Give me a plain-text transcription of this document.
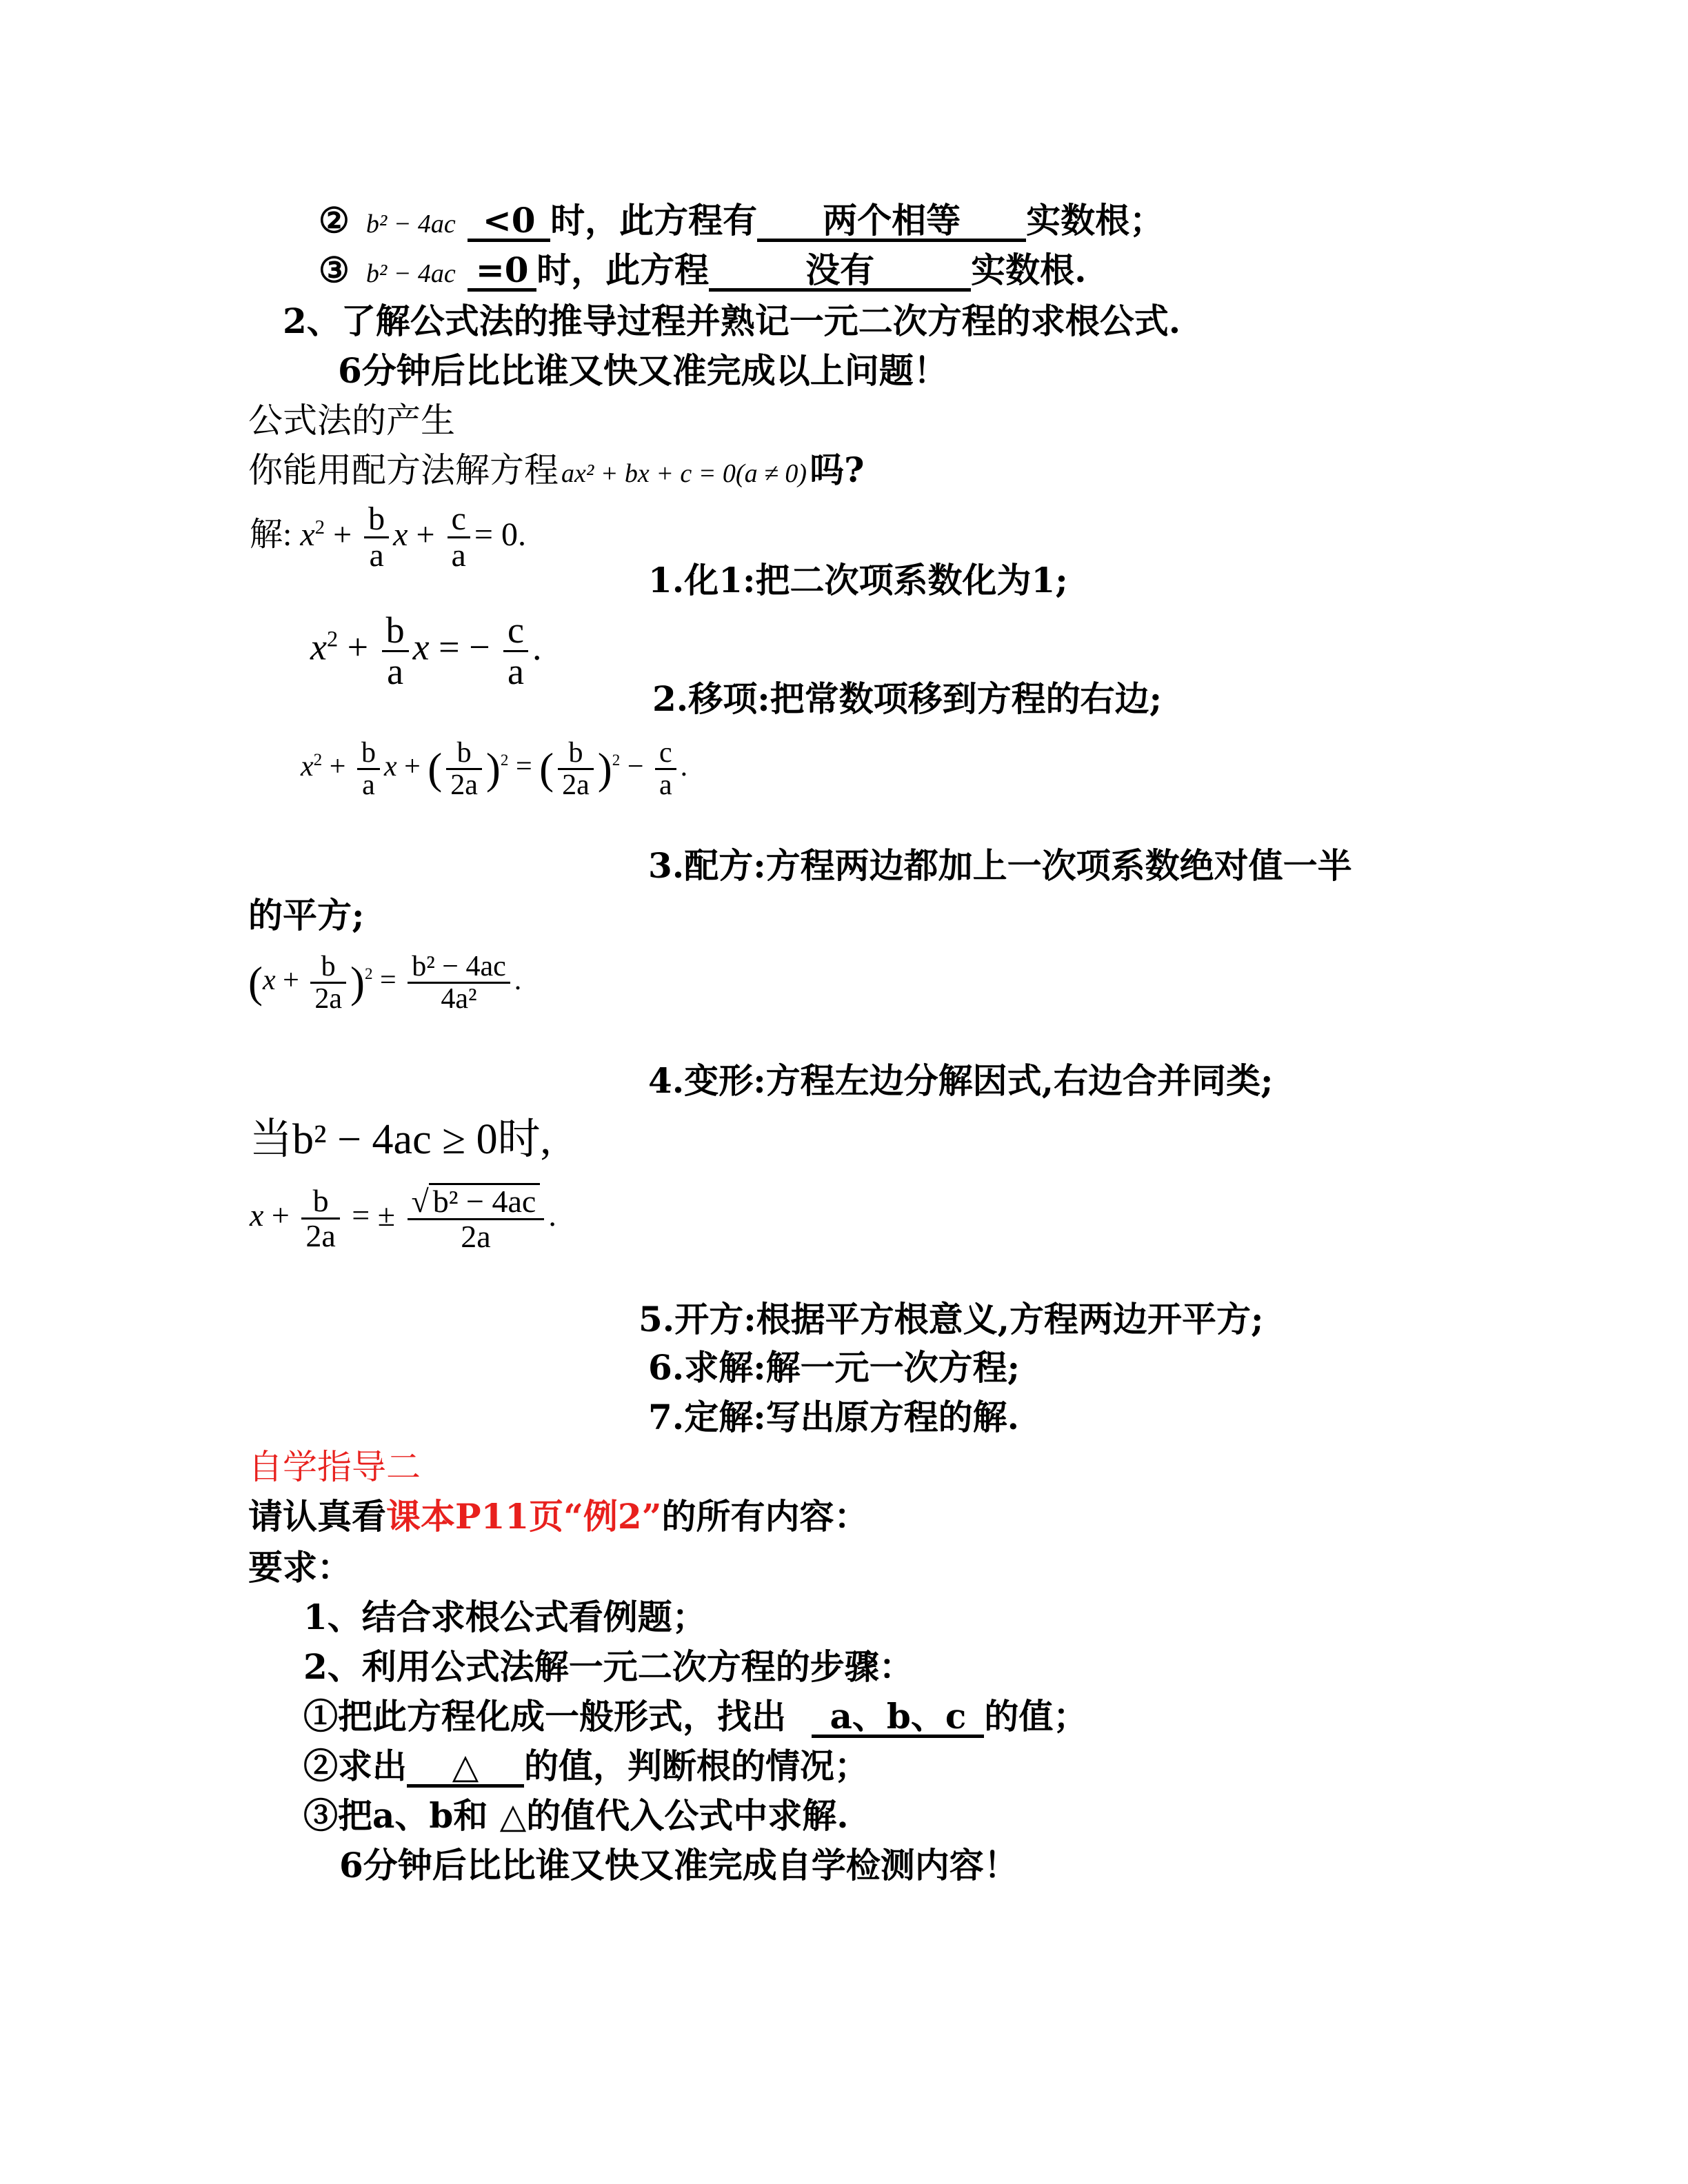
② b² − 4ac <0 时，此方程有 两个相等 实数根；
③ b² − 4ac =0 时，此方程	没有	实数根.
2、了解公式法的推导过程并熟记一元二次方程的求根公式.
6分钟后比比谁又快又准完成以上问题！
公式法的产生
你能用配方法解方程 ax² + bx + c = 0(a ≠ 0)吗?
解: $x^2 + \frac{b}{a}$ $x + \frac{c}{a} = 0$.
1.化1:把二次项系数化为1;
$x^2 + \frac{b}{a}$ x = − $\frac{c}{a}$ .
2.移项:把常数项移到方程的右边;
$x^2 + \frac{b}{a}$ x + ( $\frac{b}{2a} )^2$ = ( $\frac{b}{2a} )^2 - \frac{c}{a}$ .
3.配方:方程两边都加上一次项系数绝对值一半
的平方;
$(x + \frac{b}{2a} )^2 = \frac{\text{b² − 4ac}}{\text{4a²}}$ .
4.变形:方程左边分解因式,右边合并同类;
当b² − 4ac ≥ 0时,
$x + \frac{b}{2a}$ = ± $\frac{\text{√ b² − 4ac}}{2a}$ .
5.开方:根据平方根意义,方程两边开平方;
6.求解:解一元一次方程;
7.定解:写出原方程的解.
自学指导二
请认真看课本P11页“例2”的所有内容：
要求：
1、结合求根公式看例题；
2、利用公式法解一元二次方程的步骤：
①把此方程化成一般形式，找出 a、b、c 的值；
②求出 △ 的值，判断根的情况；
③把a、b和 △的值代入公式中求解.
6分钟后比比谁又快又准完成自学检测内容！
